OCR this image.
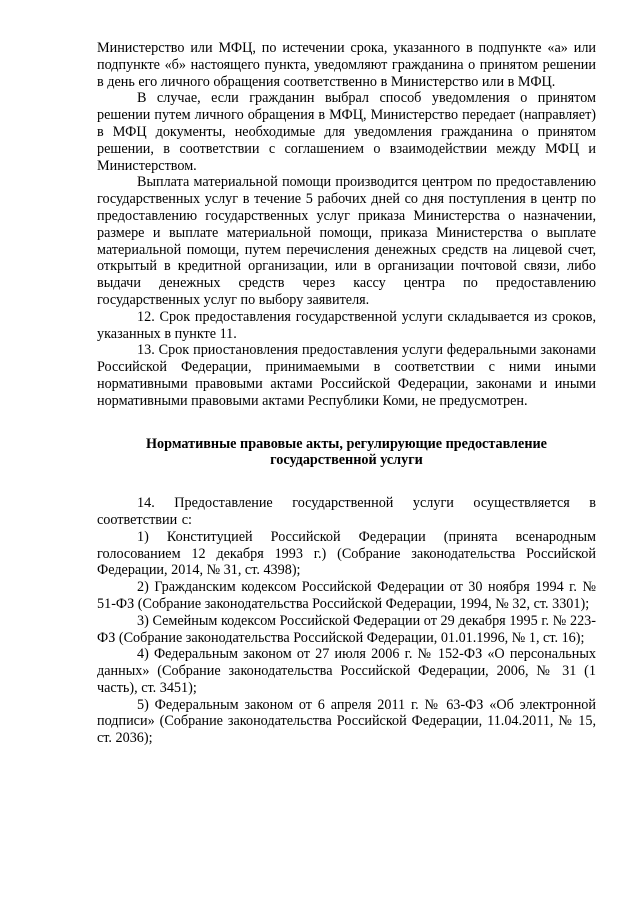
Министерство или МФЦ, по истечении срока, указанного в подпункте «а» или подпункте «б» настоящего пункта, уведомляют гражданина о принятом решении в день его личного обращения соответственно в Министерство или в МФЦ.

В случае, если гражданин выбрал способ уведомления о принятом решении путем личного обращения в МФЦ, Министерство передает (направляет) в МФЦ документы, необходимые для уведомления гражданина о принятом решении, в соответствии с соглашением о взаимодействии между МФЦ и Министерством.

Выплата материальной помощи производится центром по предоставлению государственных услуг в течение 5 рабочих дней со дня поступления в центр по предоставлению государственных услуг приказа Министерства о назначении, размере и выплате материальной помощи, приказа Министерства о выплате материальной помощи, путем перечисления денежных средств на лицевой счет, открытый в кредитной организации, или в организации почтовой связи, либо выдачи денежных средств через кассу центра по предоставлению государственных услуг по выбору заявителя.

12. Срок предоставления государственной услуги складывается из сроков, указанных в пункте 11.

13. Срок приостановления предоставления услуги федеральными законами Российской Федерации, принимаемыми в соответствии с ними иными нормативными правовыми актами Российской Федерации, законами и иными нормативными правовыми актами Республики Коми, не предусмотрен.

Нормативные правовые акты, регулирующие предоставление государственной услуги

14. Предоставление государственной услуги осуществляется в соответствии с:

1) Конституцией Российской Федерации (принята всенародным голосованием 12 декабря 1993 г.) (Собрание законодательства Российской Федерации, 2014, № 31, ст. 4398);

2) Гражданским кодексом Российской Федерации от 30 ноября 1994 г. № 51-ФЗ (Собрание законодательства Российской Федерации, 1994, № 32, ст. 3301);

3) Семейным кодексом Российской Федерации от 29 декабря 1995 г. № 223-ФЗ (Собрание законодательства Российской Федерации, 01.01.1996, № 1, ст. 16);

4) Федеральным законом от 27 июля 2006 г. № 152-ФЗ «О персональных данных» (Собрание законодательства Российской Федерации, 2006, № 31 (1 часть), ст. 3451);

5) Федеральным законом от 6 апреля 2011 г. № 63-ФЗ «Об электронной подписи» (Собрание законодательства Российской Федерации, 11.04.2011, № 15, ст. 2036);
